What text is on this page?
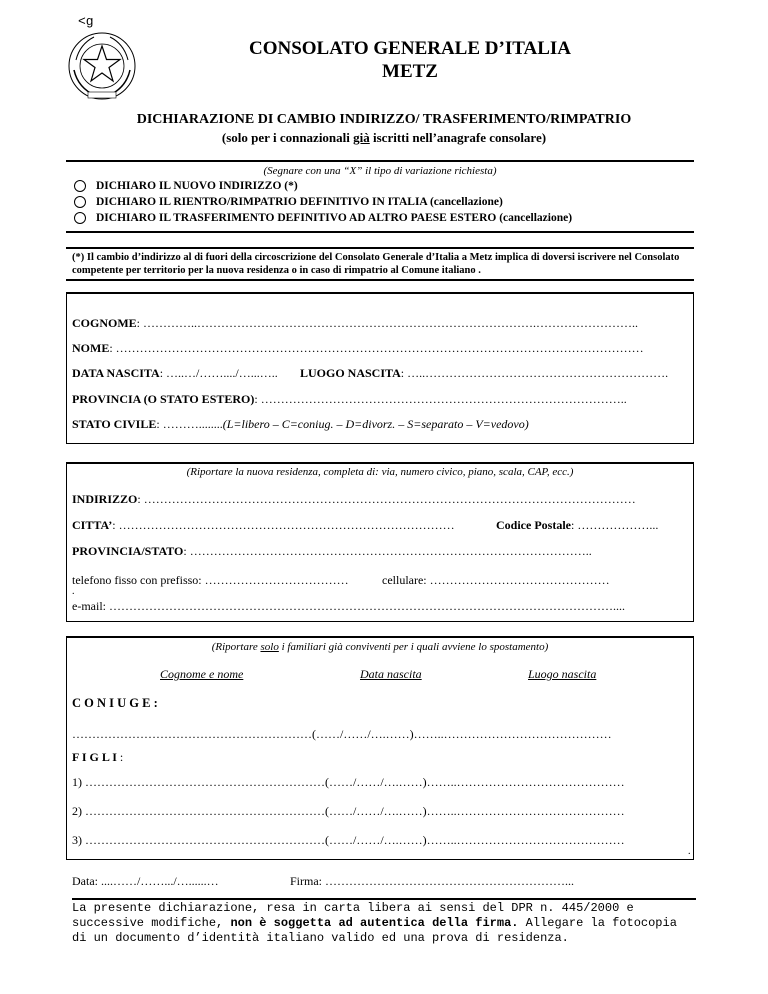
<g
CONSOLATO GENERALE D’ITALIA
METZ
DICHIARAZIONE DI CAMBIO INDIRIZZO/ TRASFERIMENTO/RIMPATRIO
(solo per i connazionali già iscritti nell’anagrafe consolare)
(Segnare con una “X” il tipo di variazione richiesta)
DICHIARO IL NUOVO INDIRIZZO (*)
DICHIARO IL RIENTRO/RIMPATRIO DEFINITIVO IN ITALIA (cancellazione)
DICHIARO IL TRASFERIMENTO DEFINITIVO AD ALTRO PAESE ESTERO (cancellazione)
(*) Il cambio d’indirizzo al di fuori della circoscrizione del Consolato Generale d’Italia a Metz implica di doversi iscrivere nel Consolato competente per territorio per la nuova residenza o in caso di rimpatrio al Comune italiano .
COGNOME: …………..………………………………………………………………………….……………………..
NOME: ……………………………………………………………………………………………………………………
DATA NASCITA: …..…/……..../…...….. LUOGO NASCITA: …..…………………………………………………….
PROVINCIA (O STATO ESTERO): ………………………………………………………………………………..
STATO CIVILE: ………........(L=libero – C=coniug. – D=divorz. – S=separato – V=vedovo)
(Riportare la nuova residenza, completa di: via, numero civico, piano, scala, CAP, ecc.)
INDIRIZZO: ……………………………………………………………………………………………………………
CITTA’: …………………………………………………………………………	Codice Postale: ………………...
PROVINCIA/STATO: ………………………………………………………………………………………..
telefono fisso con prefisso: ………………………………	cellulare: ………………………………………
.
e-mail: ………………………………………………………………………………………………………………....
(Riportare solo i familiari già conviventi per i quali avviene lo spostamento)
Cognome e nome	Data nascita	Luogo nascita
C O N I U G E :
……………………………………………………(……/……/….……)……..……………………………………
F I G L I :
1) ……………………………………………………(……/……/….……)……..……………………………………
2) ……………………………………………………(……/……/….……)……..……………………………………
3) ……………………………………………………(……/……/….……)……..……………………………………
.
Data: ....……/…….../…......…	Firma: ……………………………………………………...
La presente dichiarazione, resa in carta libera ai sensi del DPR n. 445/2000 e successive modifiche, non è soggetta ad autentica della firma. Allegare la fotocopia di un documento d’identità italiano valido ed una prova di residenza.
